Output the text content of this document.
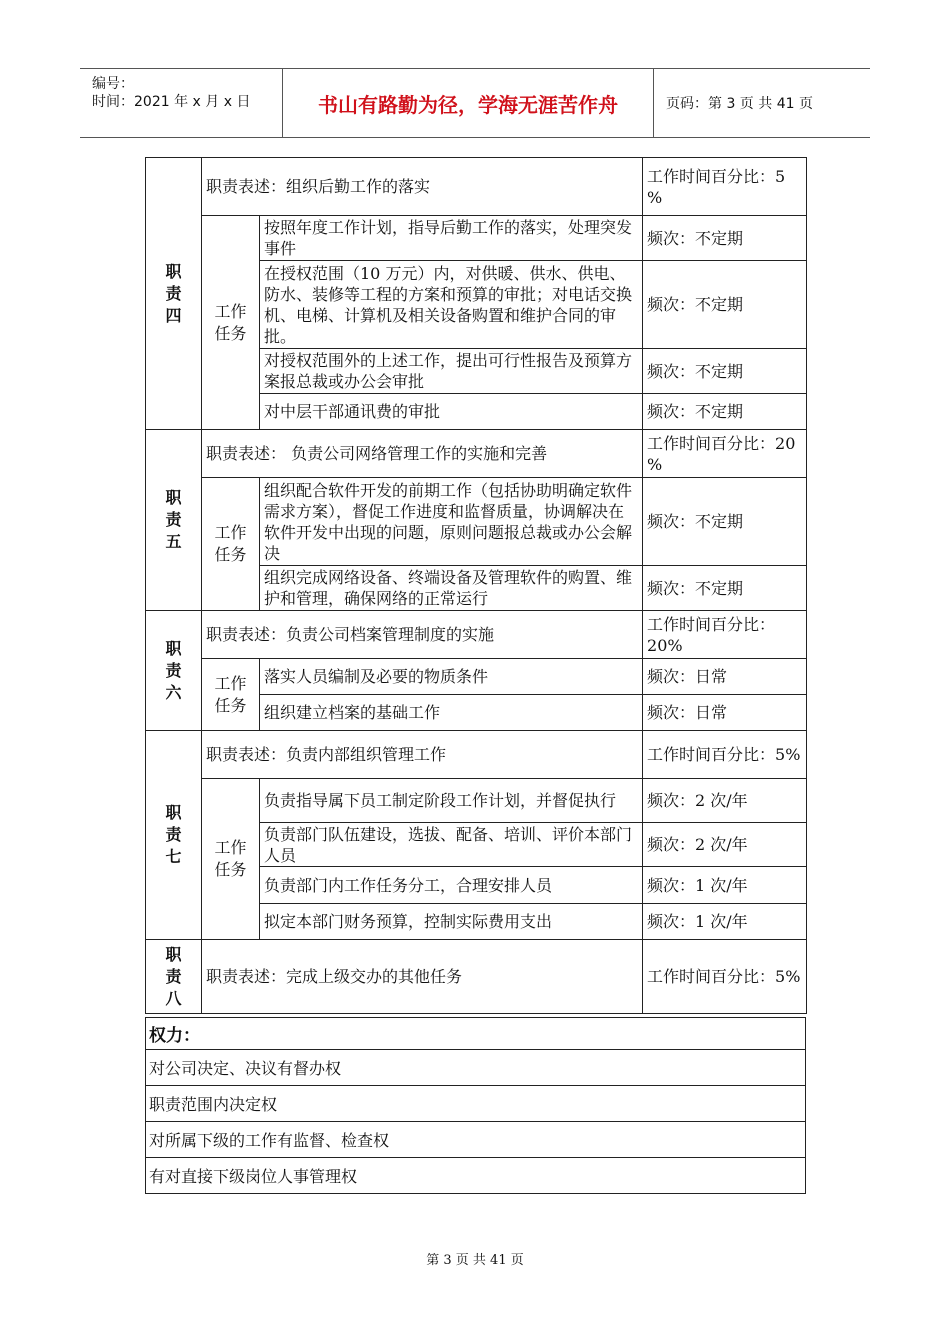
编号：
时间：2021 年 x 月 x 日	书山有路勤为径，学海无涯苦作舟	页码：第 3 页 共 41 页
职责四	职责表述：组织后勤工作的落实		工作时间百分比：5 %

	工作任务	按照年度工作计划，指导后勤工作的落实，处理突发事件	频次：不定期
		在授权范围（10 万元）内，对供暖、供水、供电、防水、装修等工程的方案和预算的审批；对电话交换机、电梯、计算机及相关设备购置和维护合同的审批。	频次：不定期
		对授权范围外的上述工作，提出可行性报告及预算方案报总裁或办公会审批	频次：不定期
		对中层干部通讯费的审批	频次：不定期

职责五	职责表述： 负责公司网络管理工作的实施和完善		工作时间百分比：20 %

	工作任务	组织配合软件开发的前期工作（包括协助明确定软件需求方案），督促工作进度和监督质量，协调解决在软件开发中出现的问题，原则问题报总裁或办公会解决	频次：不定期
		组织完成网络设备、终端设备及管理软件的购置、维护和管理，确保网络的正常运行	频次：不定期

职责六	职责表述：负责公司档案管理制度的实施		工作时间百分比：20%

	工作任务	落实人员编制及必要的物质条件	频次：日常
		组织建立档案的基础工作	频次：日常

职责七	职责表述：负责内部组织管理工作		工作时间百分比：5%

	工作任务	负责指导属下员工制定阶段工作计划，并督促执行	频次：2 次/年
		负责部门队伍建设，选拔、配备、培训、评价本部门人员	频次：2 次/年
		负责部门内工作任务分工，合理安排人员	频次：1 次/年
		拟定本部门财务预算，控制实际费用支出	频次：1 次/年

职责八	职责表述：完成上级交办的其他任务		工作时间百分比：5%
权力：
对公司决定、决议有督办权
职责范围内决定权
对所属下级的工作有监督、检查权
有对直接下级岗位人事管理权
第 3 页 共 41 页
